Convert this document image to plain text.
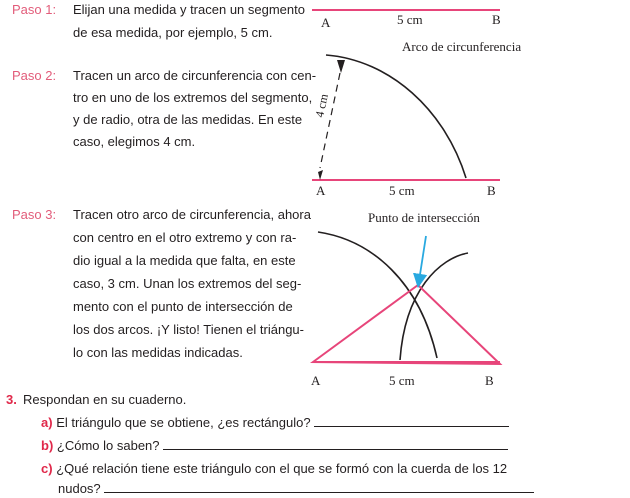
Paso 1: Elijan una medida y tracen un segmento
de esa medida, por ejemplo, 5 cm.
Paso 2: Tracen un arco de circunferencia con cen-
tro en uno de los extremos del segmento,
y de radio, otra de las medidas. En este
caso, elegimos 4 cm.
Paso 3: Tracen otro arco de circunferencia, ahora
con centro en el otro extremo y con ra-
dio igual a la medida que falta, en este
caso, 3 cm. Unan los extremos del seg-
mento con el punto de intersección de
los dos arcos. ¡Y listo! Tienen el triángu-
lo con las medidas indicadas.
3. Respondan en su cuaderno.
a) El triángulo que se obtiene, ¿es rectángulo?
b) ¿Cómo lo saben?
c) ¿Qué relación tiene este triángulo con el que se formó con la cuerda de los 12
nudos?
A	5 cm	B
4 cm
Arco de circunferencia
A	5 cm	B
Punto de intersección
A	5 cm	B
